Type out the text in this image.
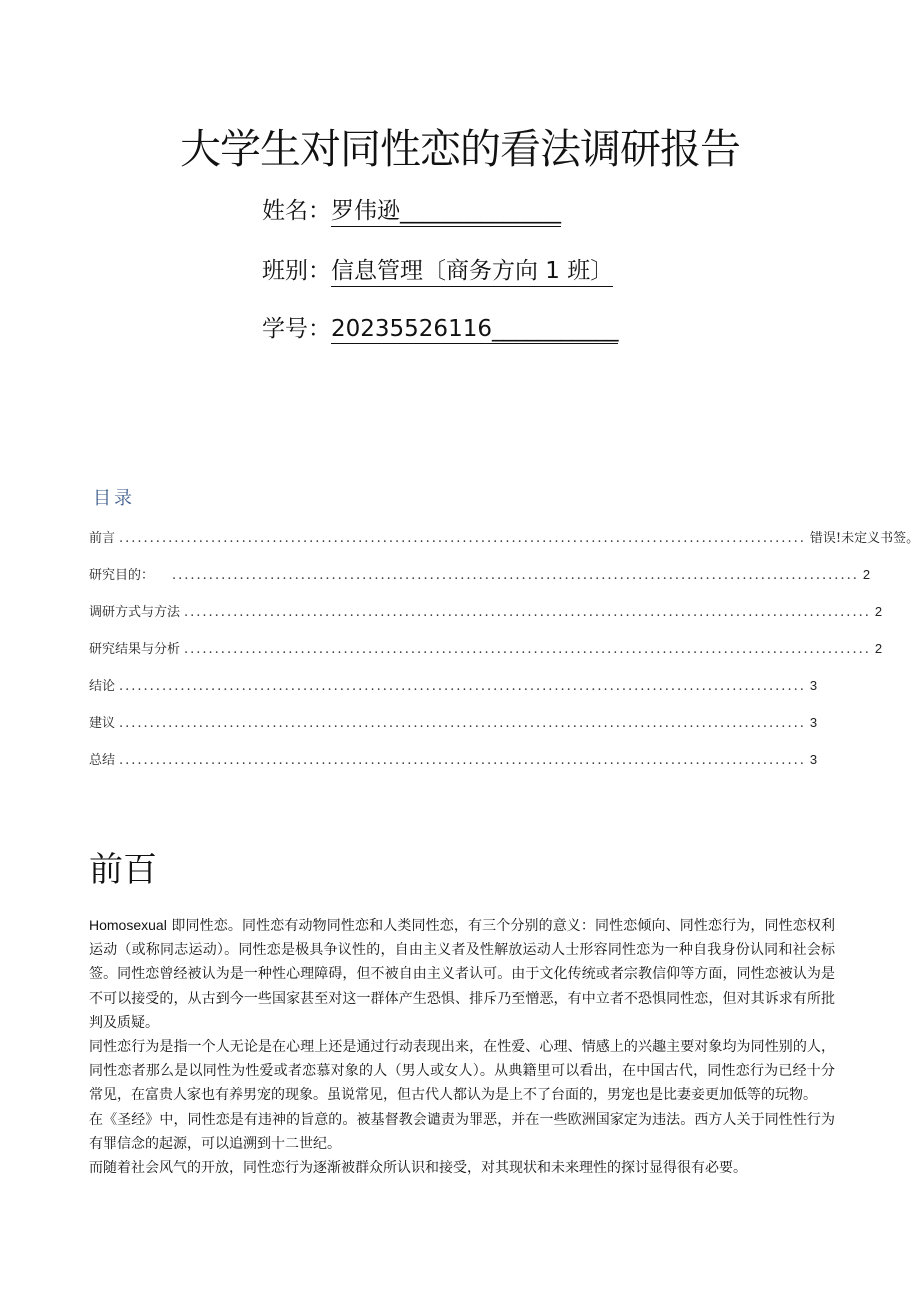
大学生对同性恋的看法调研报告
姓名：罗伟逊______________
班别：信息管理〔商务方向 1 班〕
学号：20235526116___________
目录
前言 ................................................................................................................ 错误!未定义书签。
研究目的： ................................................................................................................ 2
调研方式与方法 ................................................................................................................ 2
研究结果与分析 ................................................................................................................ 2
结论 ................................................................................................................ 3
建议 ................................................................................................................ 3
总结 ................................................................................................................ 3
前百

Homosexual 即同性恋。同性恋有动物同性恋和人类同性恋，有三个分别的意义：同性恋倾向、同性恋行为，同性恋权利运动（或称同志运动）。同性恋是极具争议性的，自由主义者及性解放运动人士形容同性恋为一种自我身份认同和社会标签。同性恋曾经被认为是一种性心理障碍，但不被自由主义者认可。由于文化传统或者宗教信仰等方面，同性恋被认为是不可以接受的，从古到今一些国家甚至对这一群体产生恐惧、排斥乃至憎恶，有中立者不恐惧同性恋，但对其诉求有所批判及质疑。

同性恋行为是指一个人无论是在心理上还是通过行动表现出来，在性爱、心理、情感上的兴趣主要对象均为同性别的人，同性恋者那么是以同性为性爱或者恋慕对象的人（男人或女人）。从典籍里可以看出，在中国古代，同性恋行为已经十分常见，在富贵人家也有养男宠的现象。虽说常见，但古代人都认为是上不了台面的，男宠也是比妻妾更加低等的玩物。

在《圣经》中，同性恋是有违神的旨意的。被基督教会谴责为罪恶，并在一些欧洲国家定为违法。西方人关于同性性行为有罪信念的起源，可以追溯到十二世纪。

而随着社会风气的开放，同性恋行为逐渐被群众所认识和接受，对其现状和未来理性的探讨显得很有必要。
